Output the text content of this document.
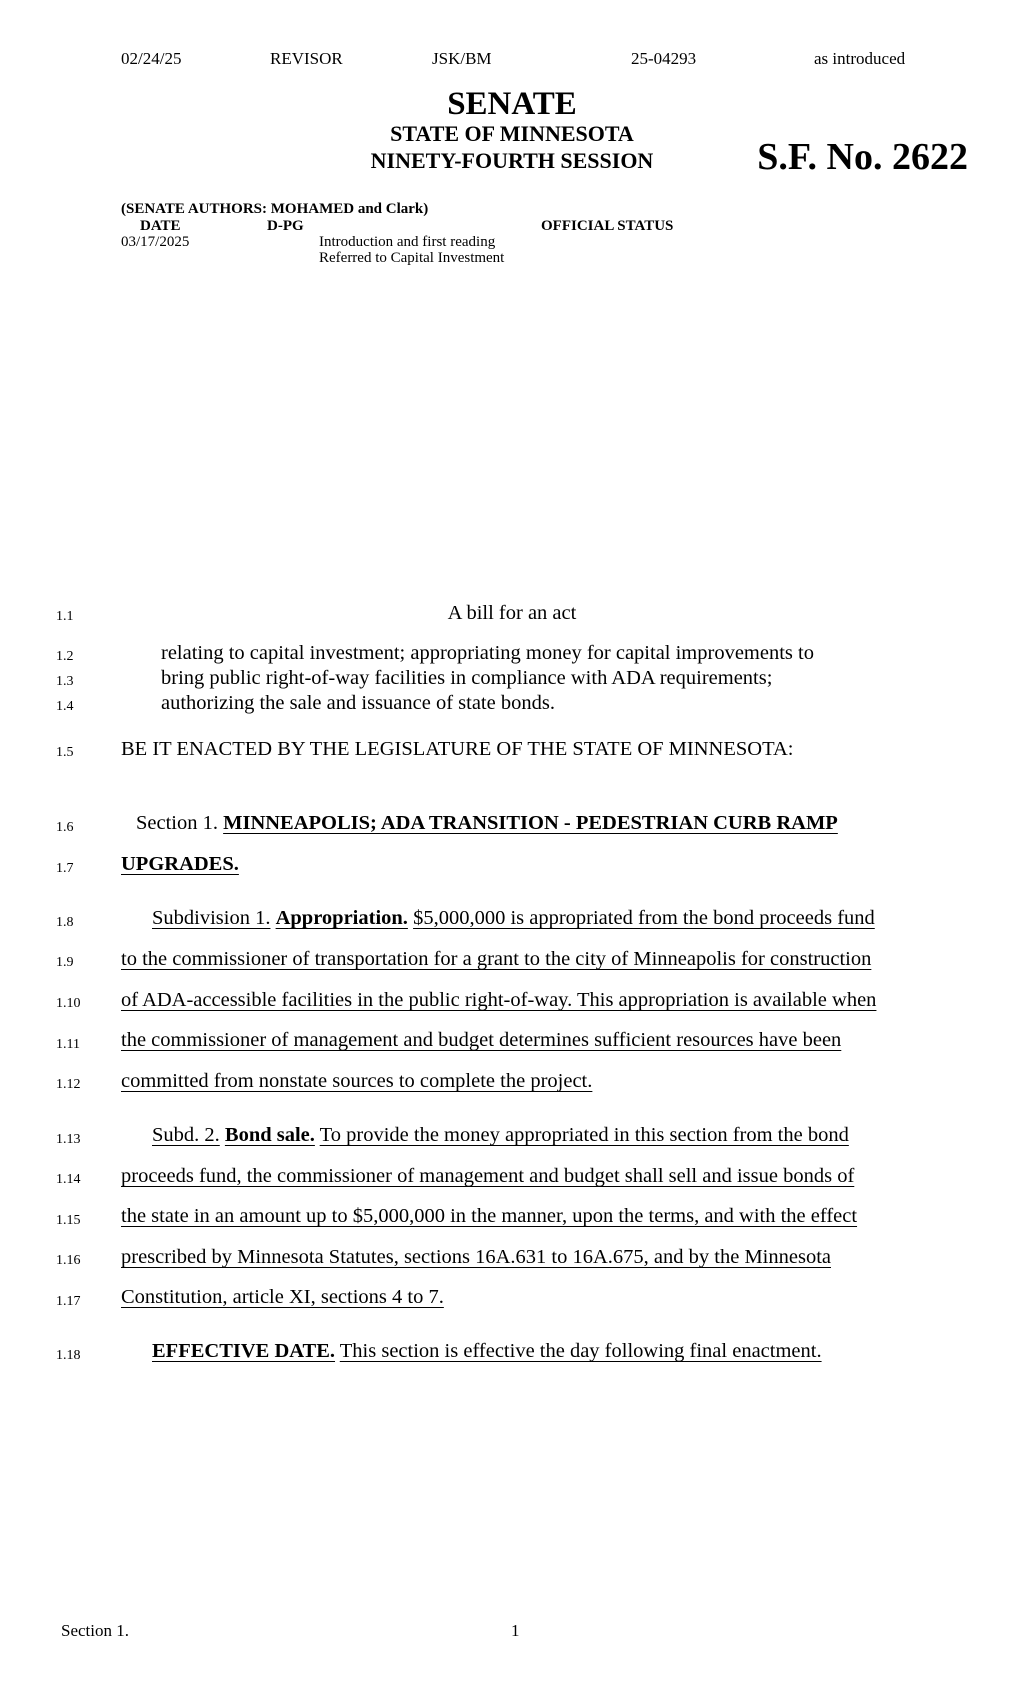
02/24/25	REVISOR	JSK/BM	25-04293	as introduced
SENATE
STATE OF MINNESOTA
NINETY-FOURTH SESSION	S.F. No. 2622
(SENATE AUTHORS: MOHAMED and Clark)
DATE	D-PG	OFFICIAL STATUS
03/17/2025	Introduction and first reading
Referred to Capital Investment
1.1
1.2
1.3
1.4
1.5
1.6
1.7
1.8
1.9
1.10
1.11
1.12
1.13
1.14
1.15
1.16
1.17
1.18
A bill for an act
relating to capital investment; appropriating money for capital improvements to
bring public right-of-way facilities in compliance with ADA requirements;
authorizing the sale and issuance of state bonds.
BE IT ENACTED BY THE LEGISLATURE OF THE STATE OF MINNESOTA:
Section 1. MINNEAPOLIS; ADA TRANSITION - PEDESTRIAN CURB RAMP
UPGRADES.
Subdivision 1. Appropriation. $5,000,000 is appropriated from the bond proceeds fund
to the commissioner of transportation for a grant to the city of Minneapolis for construction
of ADA-accessible facilities in the public right-of-way. This appropriation is available when
the commissioner of management and budget determines sufficient resources have been
committed from nonstate sources to complete the project.
Subd. 2. Bond sale. To provide the money appropriated in this section from the bond
proceeds fund, the commissioner of management and budget shall sell and issue bonds of
the state in an amount up to $5,000,000 in the manner, upon the terms, and with the effect
prescribed by Minnesota Statutes, sections 16A.631 to 16A.675, and by the Minnesota
Constitution, article XI, sections 4 to 7.
EFFECTIVE DATE. This section is effective the day following final enactment.
Section 1.	1
